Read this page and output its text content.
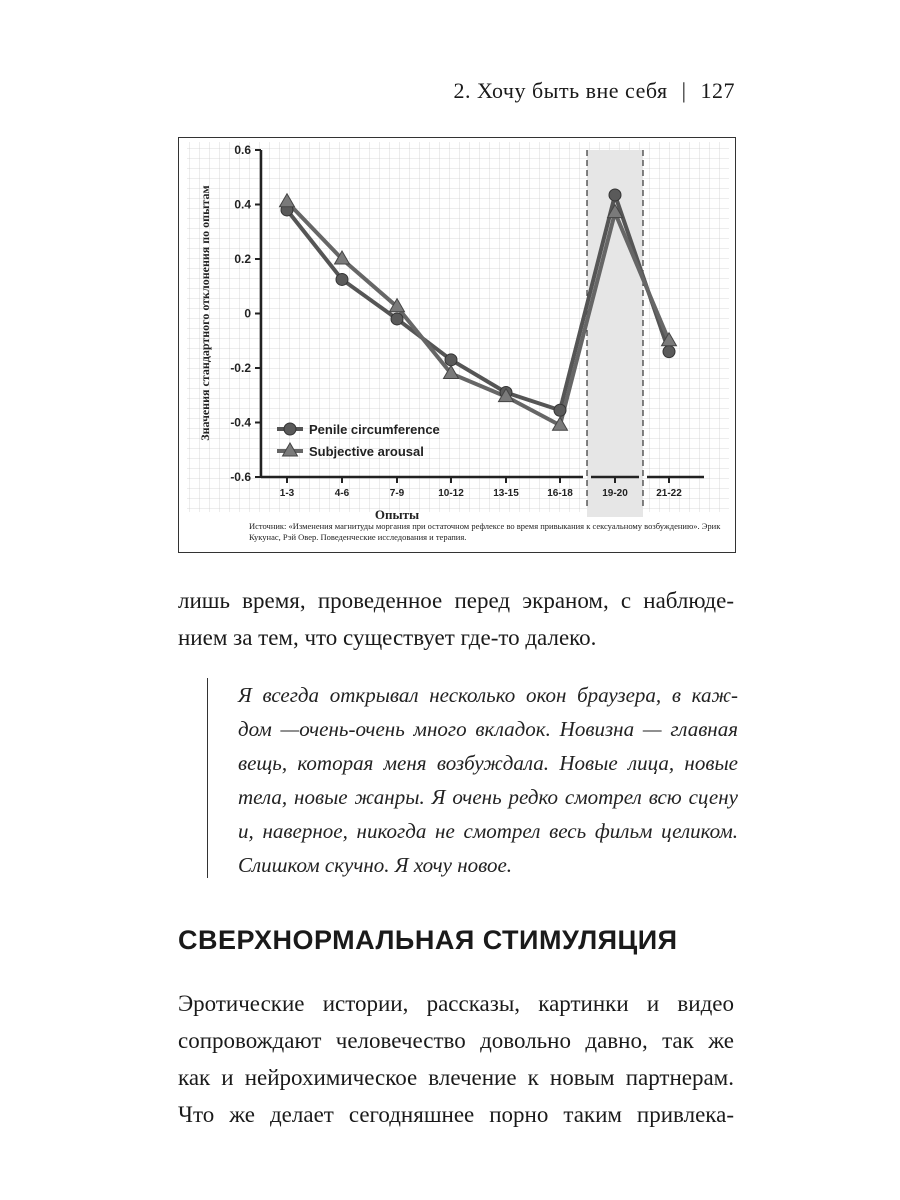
2. Хочу быть вне себя | 127
0.6
0.4
0.2
0
-0.2
-0.4
-0.6
1-3	4-6	7-9	10-12	13-15	16-18	19-20	21-22
Опыты
Значения стандартного отклонения по опытам	Penile circumference
Subjective arousal
Источник: «Изменения магнитуды моргания при остаточном рефлексе во время привыкания к сексуальному возбуждению». Эрик Кукунас, Рэй Овер. Поведенческие исследования и терапия.
лишь время, проведенное перед экраном, с наблюде-
нием за тем, что существует где-то далеко.

Я всегда открывал несколько окон браузера, в каж-

дом —очень-очень много вкладок. Новизна — главная

вещь, которая меня возбуждала. Новые лица, новые

тела, новые жанры. Я очень редко смотрел всю сцену

и, наверное, никогда не смотрел весь фильм целиком.

Слишком скучно. Я хочу новое.

СВЕРХНОРМАЛЬНАЯ СТИМУЛЯЦИЯ
Эротические истории, рассказы, картинки и видео
сопровождают человечество довольно давно, так же
как и нейрохимическое влечение к новым партнерам.
Что же делает сегодняшнее порно таким привлека-
